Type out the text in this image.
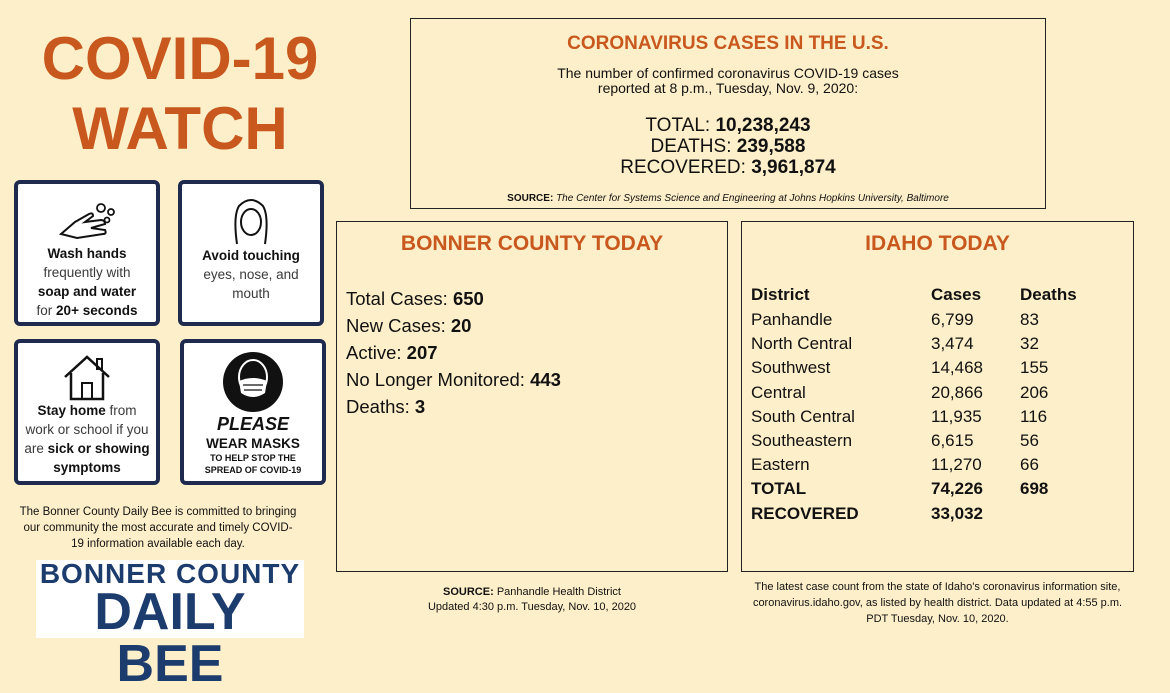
COVID-19
WATCH
Wash hands
frequently with
soap and water
for 20+ seconds
Avoid touching
eyes, nose, and
mouth
Stay home from
work or school if you
are sick or showing
symptoms
PLEASE
WEAR MASKS
TO HELP STOP THE
SPREAD OF COVID-19
The Bonner County Daily Bee is committed to bringing our community the most accurate and timely COVID-19 information available each day.
BONNER COUNTY
DAILY BEE
CORONAVIRUS CASES IN THE U.S.
The number of confirmed coronavirus COVID-19 cases
reported at 8 p.m., Tuesday, Nov. 9, 2020:
TOTAL: 10,238,243
DEATHS: 239,588
RECOVERED: 3,961,874
SOURCE: The Center for Systems Science and Engineering at Johns Hopkins University, Baltimore
BONNER COUNTY TODAY
Total Cases: 650
New Cases: 20
Active: 207
No Longer Monitored: 443
Deaths: 3
SOURCE: Panhandle Health District
Updated 4:30 p.m. Tuesday, Nov. 10, 2020
IDAHO TODAY
District	Cases	Deaths
Panhandle	6,799	83
North Central	3,474	32
Southwest	14,468	155
Central	20,866	206
South Central	11,935	116
Southeastern	6,615	56
Eastern	11,270	66
TOTAL	74,226	698
RECOVERED	33,032	
The latest case count from the state of Idaho's coronavirus information site,
coronavirus.idaho.gov, as listed by health district. Data updated at 4:55 p.m.
PDT Tuesday, Nov. 10, 2020.
